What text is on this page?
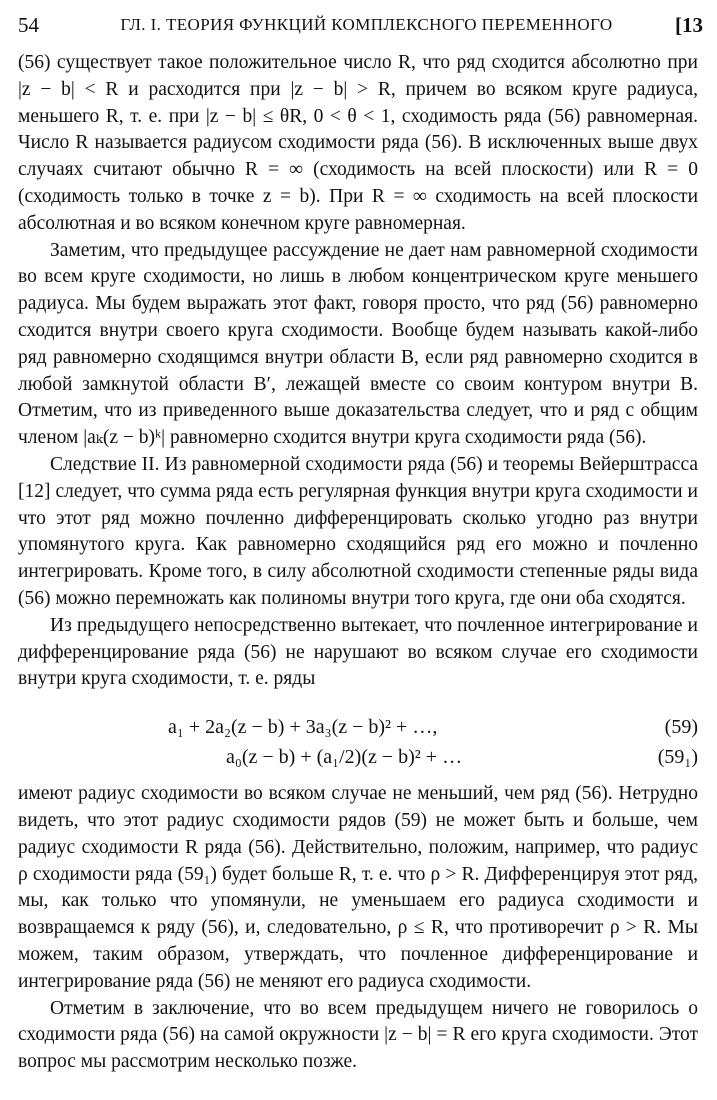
54	ГЛ. I. ТЕОРИЯ ФУНКЦИЙ КОМПЛЕКСНОГО ПЕРЕМЕННОГО	[13

(56) существует такое положительное число R, что ряд сходится абсолютно при |z − b| < R и расходится при |z − b| > R, причем во всяком круге радиуса, меньшего R, т. е. при |z − b| ≤ θR, 0 < θ < 1, сходимость ряда (56) равномерная. Число R называется радиусом сходимости ряда (56). В исключенных выше двух случаях считают обычно R = ∞ (сходимость на всей плоскости) или R = 0 (сходимость только в точке z = b). При R = ∞ сходимость на всей плоскости абсолютная и во всяком конечном круге равномерная.

Заметим, что предыдущее рассуждение не дает нам равномерной сходимости во всем круге сходимости, но лишь в любом концентрическом круге меньшего радиуса. Мы будем выражать этот факт, говоря просто, что ряд (56) равномерно сходится внутри своего круга сходимости. Вообще будем называть какой-либо ряд равномерно сходящимся внутри области B, если ряд равномерно сходится в любой замкнутой области B′, лежащей вместе со своим контуром внутри B. Отметим, что из приведенного выше доказательства следует, что и ряд с общим членом |aₖ(z − b)ᵏ| равномерно сходится внутри круга сходимости ряда (56).

Следствие II. Из равномерной сходимости ряда (56) и теоремы Вейерштрасса [12] следует, что сумма ряда есть регулярная функция внутри круга сходимости и что этот ряд можно почленно дифференцировать сколько угодно раз внутри упомянутого круга. Как равномерно сходящийся ряд его можно и почленно интегрировать. Кроме того, в силу абсолютной сходимости степенные ряды вида (56) можно перемножать как полиномы внутри того круга, где они оба сходятся.

Из предыдущего непосредственно вытекает, что почленное интегрирование и дифференцирование ряда (56) не нарушают во всяком случае его сходимости внутри круга сходимости, т. е. ряды

a₁ + 2a₂(z − b) + 3a₃(z − b)² + …,	(59)
a₀(z − b) + (a₁/2)(z − b)² + …	(59₁)

имеют радиус сходимости во всяком случае не меньший, чем ряд (56). Нетрудно видеть, что этот радиус сходимости рядов (59) не может быть и больше, чем радиус сходимости R ряда (56). Действительно, положим, например, что радиус ρ сходимости ряда (59₁) будет больше R, т. е. что ρ > R. Дифференцируя этот ряд, мы, как только что упомянули, не уменьшаем его радиуса сходимости и возвращаемся к ряду (56), и, следовательно, ρ ≤ R, что противоречит ρ > R. Мы можем, таким образом, утверждать, что почленное дифференцирование и интегрирование ряда (56) не меняют его радиуса сходимости.

Отметим в заключение, что во всем предыдущем ничего не говорилось о сходимости ряда (56) на самой окружности |z − b| = R его круга сходимости. Этот вопрос мы рассмотрим несколько позже.
